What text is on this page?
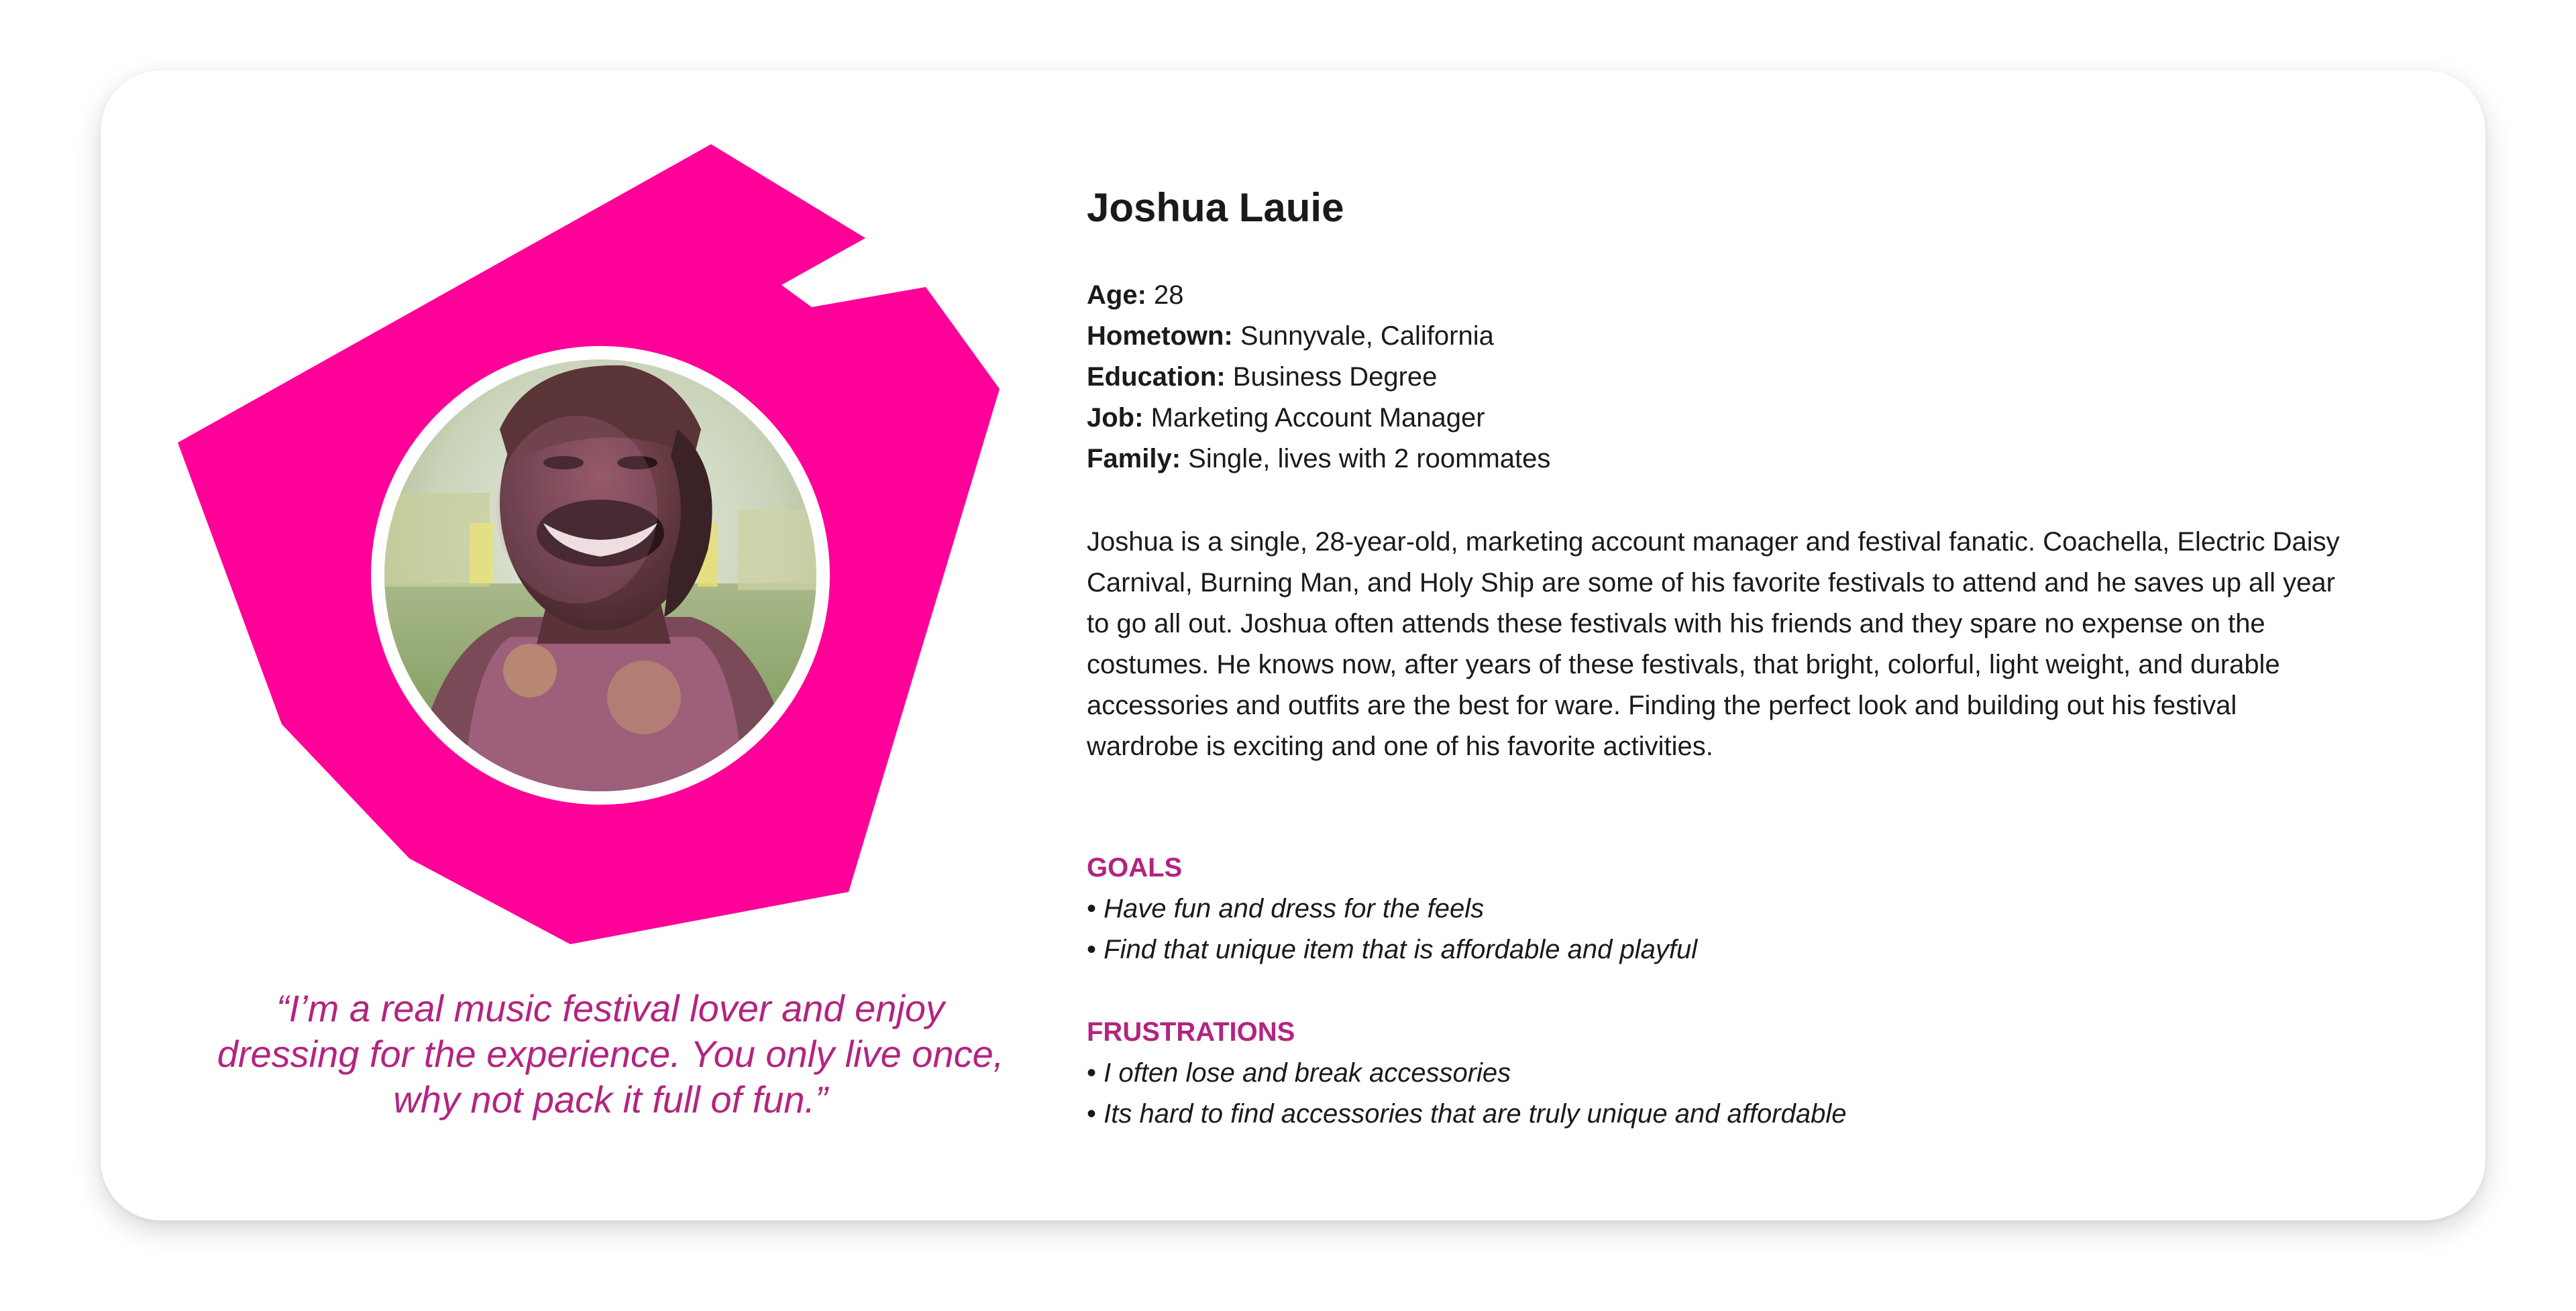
“I’m a real music festival lover and enjoy dressing for the experience. You only live once, why not pack it full of fun.”
Joshua Lauie
Age: 28
Hometown: Sunnyvale, California
Education: Business Degree
Job: Marketing Account Manager
Family: Single, lives with 2 roommates
Joshua is a single, 28-year-old, marketing account manager and festival fanatic. Coachella, Electric Daisy Carnival, Burning Man, and Holy Ship are some of his favorite festivals to attend and he saves up all year to go all out. Joshua often attends these festivals with his friends and they spare no expense on the costumes. He knows now, after years of these festivals, that bright, colorful, light weight, and durable accessories and outfits are the best for ware. Finding the perfect look and building out his festival wardrobe is exciting and one of his favorite activities.
GOALS
• Have fun and dress for the feels
• Find that unique item that is affordable and playful
FRUSTRATIONS
• I often lose and break accessories
• Its hard to find accessories that are truly unique and affordable
